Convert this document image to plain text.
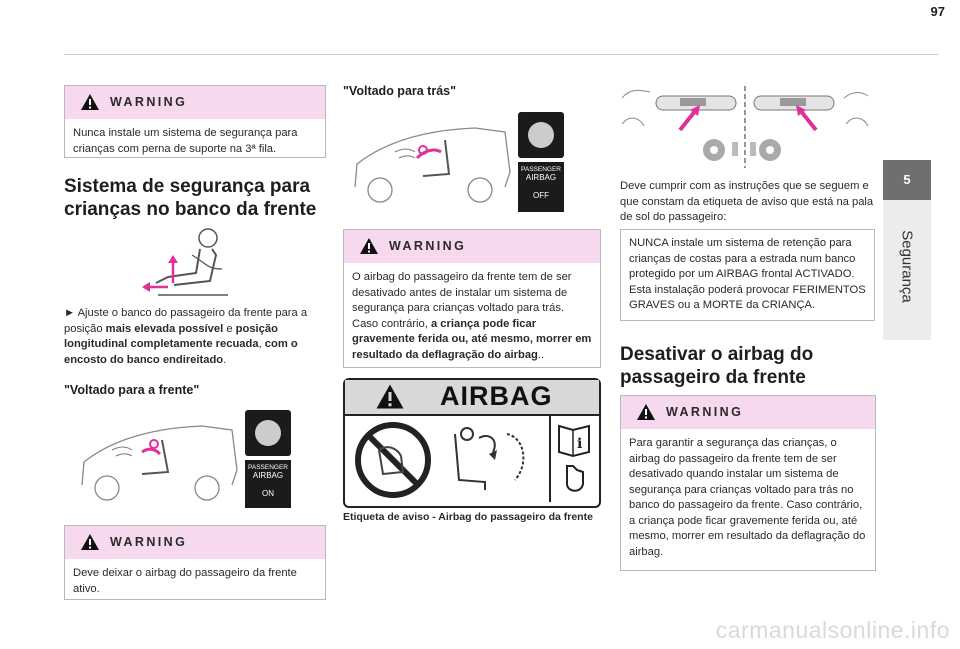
97
5
Segurança
WARNING
Nunca instale um sistema de segurança para crianças com perna de suporte na 3ª fila.
Sistema de segurança para crianças no banco da frente
► Ajuste o banco do passageiro da frente para a posição mais elevada possível e posição longitudinal completamente recuada, com o encosto do banco endireitado.
"Voltado para a frente"
PASSENGER
AIRBAG
ON
WARNING
Deve deixar o airbag do passageiro da frente ativo.
"Voltado para trás"
PASSENGER
AIRBAG
OFF
WARNING
O airbag do passageiro da frente tem de ser desativado antes de instalar um sistema de segurança para crianças voltado para trás. Caso contrário, a criança pode ficar gravemente ferida ou, até mesmo, morrer em resultado da deflagração do airbag..
AIRBAG
i
Etiqueta de aviso - Airbag do passageiro da frente
Deve cumprir com as instruções que se seguem e que constam da etiqueta de aviso que está na pala de sol do passageiro:
NUNCA instale um sistema de retenção para crianças de costas para a estrada num banco protegido por um AIRBAG frontal ACTIVADO. Esta instalação poderá provocar FERIMENTOS GRAVES ou a MORTE da CRIANÇA.
Desativar o airbag do passageiro da frente
WARNING
Para garantir a segurança das crianças, o airbag do passageiro da frente tem de ser desativado quando instalar um sistema de segurança para crianças voltado para trás no banco do passageiro da frente. Caso contrário, a criança pode ficar gravemente ferida ou, até mesmo, morrer em resultado da deflagração do airbag.
carmanualsonline.info
